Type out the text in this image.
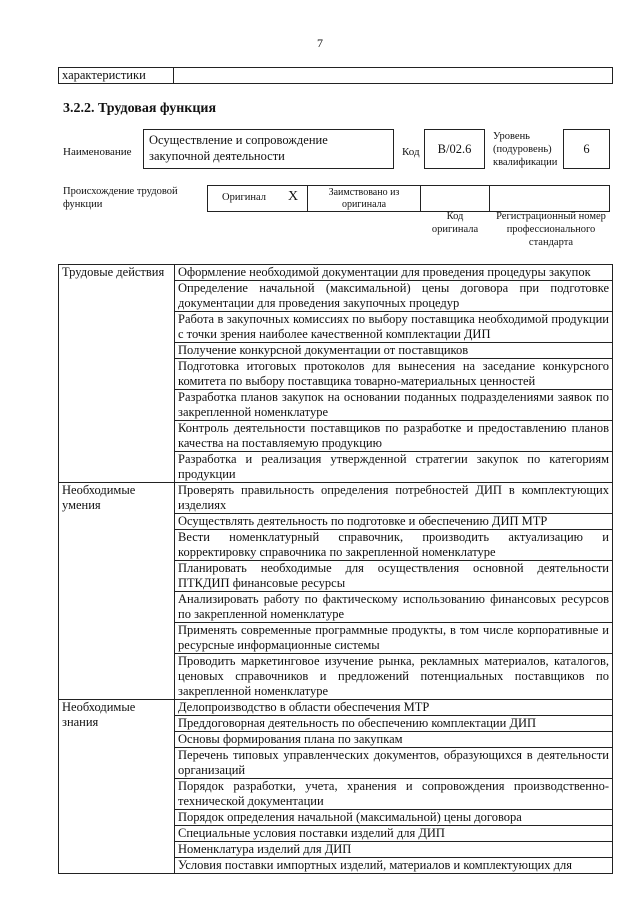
7
характеристики	
3.2.2. Трудовая функция
Наименование
Осуществление и сопровождение закупочной деятельности	Код	В/02.6
Уровень (подуровень) квалификации
6
Происхождение трудовой функции
Оригинал X	Заимствовано из оригинала
Код оригинала
Регистрационный номер профессионального стандарта
Трудовые действия	Оформление необходимой документации для проведения процедуры закупок
	Определение начальной (максимальной) цены договора при подготовке документации для проведения закупочных процедур
	Работа в закупочных комиссиях по выбору поставщика необходимой продукции с точки зрения наиболее качественной комплектации ДИП
	Получение конкурсной документации от поставщиков
	Подготовка итоговых протоколов для вынесения на заседание конкурсного комитета по выбору поставщика товарно-материальных ценностей
	Разработка планов закупок на основании поданных подразделениями заявок по закрепленной номенклатуре
	Контроль деятельности поставщиков по разработке и предоставлению планов качества на поставляемую продукцию
	Разработка и реализация утвержденной стратегии закупок по категориям продукции
Необходимые умения	Проверять правильность определения потребностей ДИП в комплектующих изделиях
	Осуществлять деятельность по подготовке и обеспечению ДИП МТР
	Вести номенклатурный справочник, производить актуализацию и корректировку справочника по закрепленной номенклатуре
	Планировать необходимые для осуществления основной деятельности ПТКДИП финансовые ресурсы
	Анализировать работу по фактическому использованию финансовых ресурсов по закрепленной номенклатуре
	Применять современные программные продукты, в том числе корпоративные и ресурсные информационные системы
	Проводить маркетинговое изучение рынка, рекламных материалов, каталогов, ценовых справочников и предложений потенциальных поставщиков по закрепленной номенклатуре
Необходимые знания	Делопроизводство в области обеспечения МТР
	Преддоговорная деятельность по обеспечению комплектации ДИП
	Основы формирования плана по закупкам
	Перечень типовых управленческих документов, образующихся в деятельности организаций
	Порядок разработки, учета, хранения и сопровождения производственно-технической документации
	Порядок определения начальной (максимальной) цены договора
	Специальные условия поставки изделий для ДИП
	Номенклатура изделий для ДИП
	Условия поставки импортных изделий, материалов и комплектующих для
